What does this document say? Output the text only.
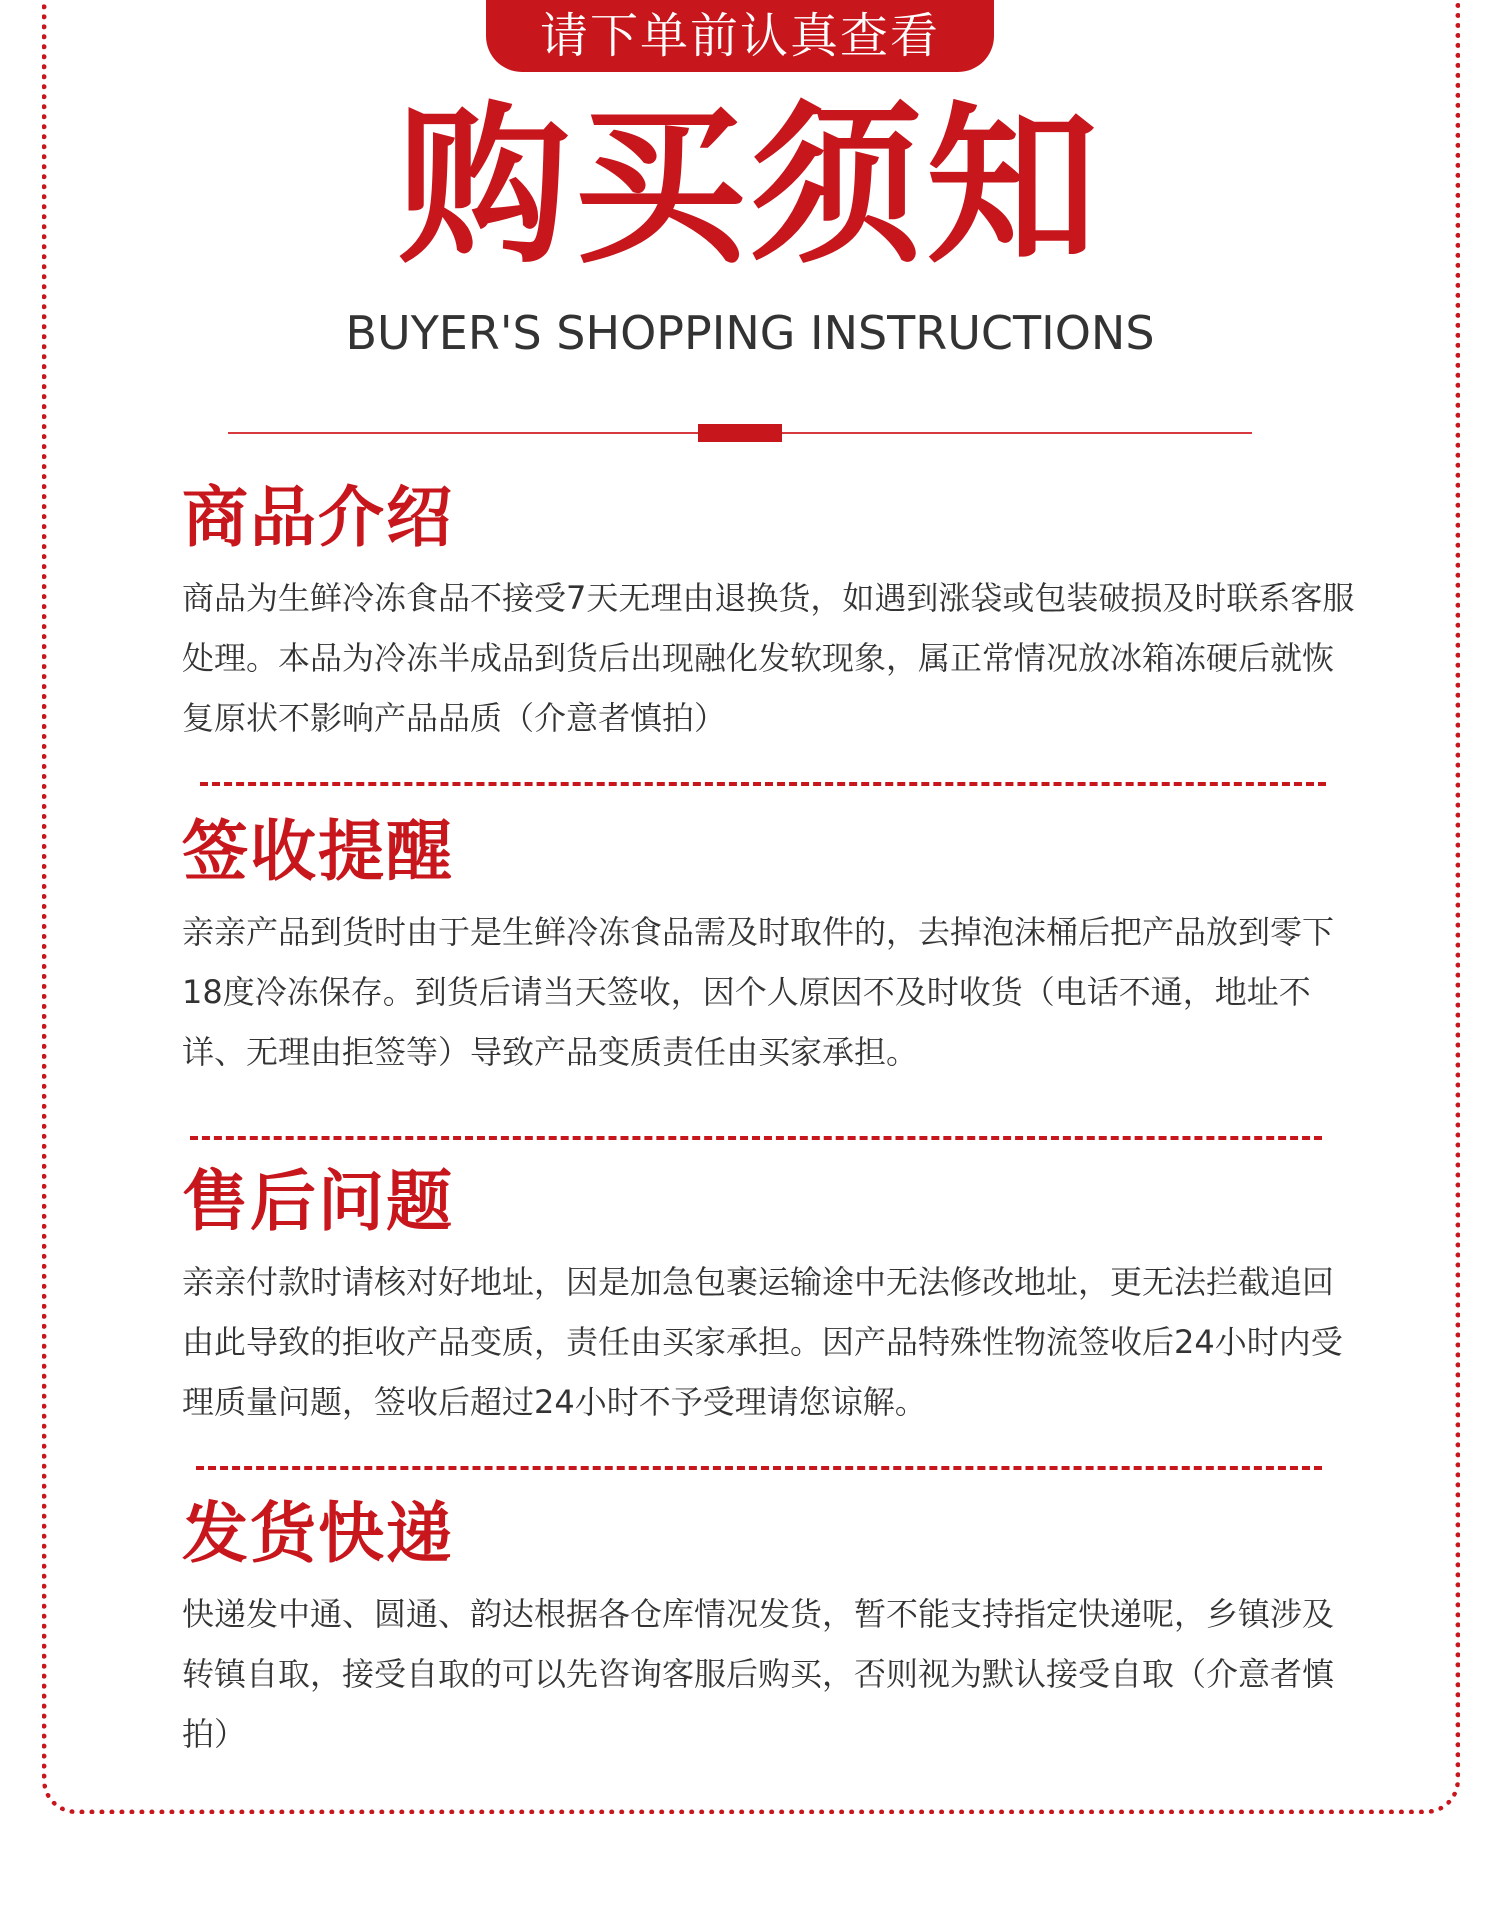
请下单前认真查看
购买须知
BUYER'S SHOPPING INSTRUCTIONS
商品介绍

商品为生鲜冷冻食品不接受7天无理由退换货，如遇到涨袋或包装破损及时联系客服处理。本品为冷冻半成品到货后出现融化发软现象，属正常情况放冰箱冻硬后就恢复原状不影响产品品质（介意者慎拍）

签收提醒

亲亲产品到货时由于是生鲜冷冻食品需及时取件的，去掉泡沫桶后把产品放到零下18度冷冻保存。到货后请当天签收，因个人原因不及时收货（电话不通，地址不详、无理由拒签等）导致产品变质责任由买家承担。

售后问题

亲亲付款时请核对好地址，因是加急包裹运输途中无法修改地址，更无法拦截追回由此导致的拒收产品变质，责任由买家承担。因产品特殊性物流签收后24小时内受理质量问题，签收后超过24小时不予受理请您谅解。

发货快递

快递发中通、圆通、韵达根据各仓库情况发货，暂不能支持指定快递呢，乡镇涉及转镇自取，接受自取的可以先咨询客服后购买，否则视为默认接受自取（介意者慎拍）
